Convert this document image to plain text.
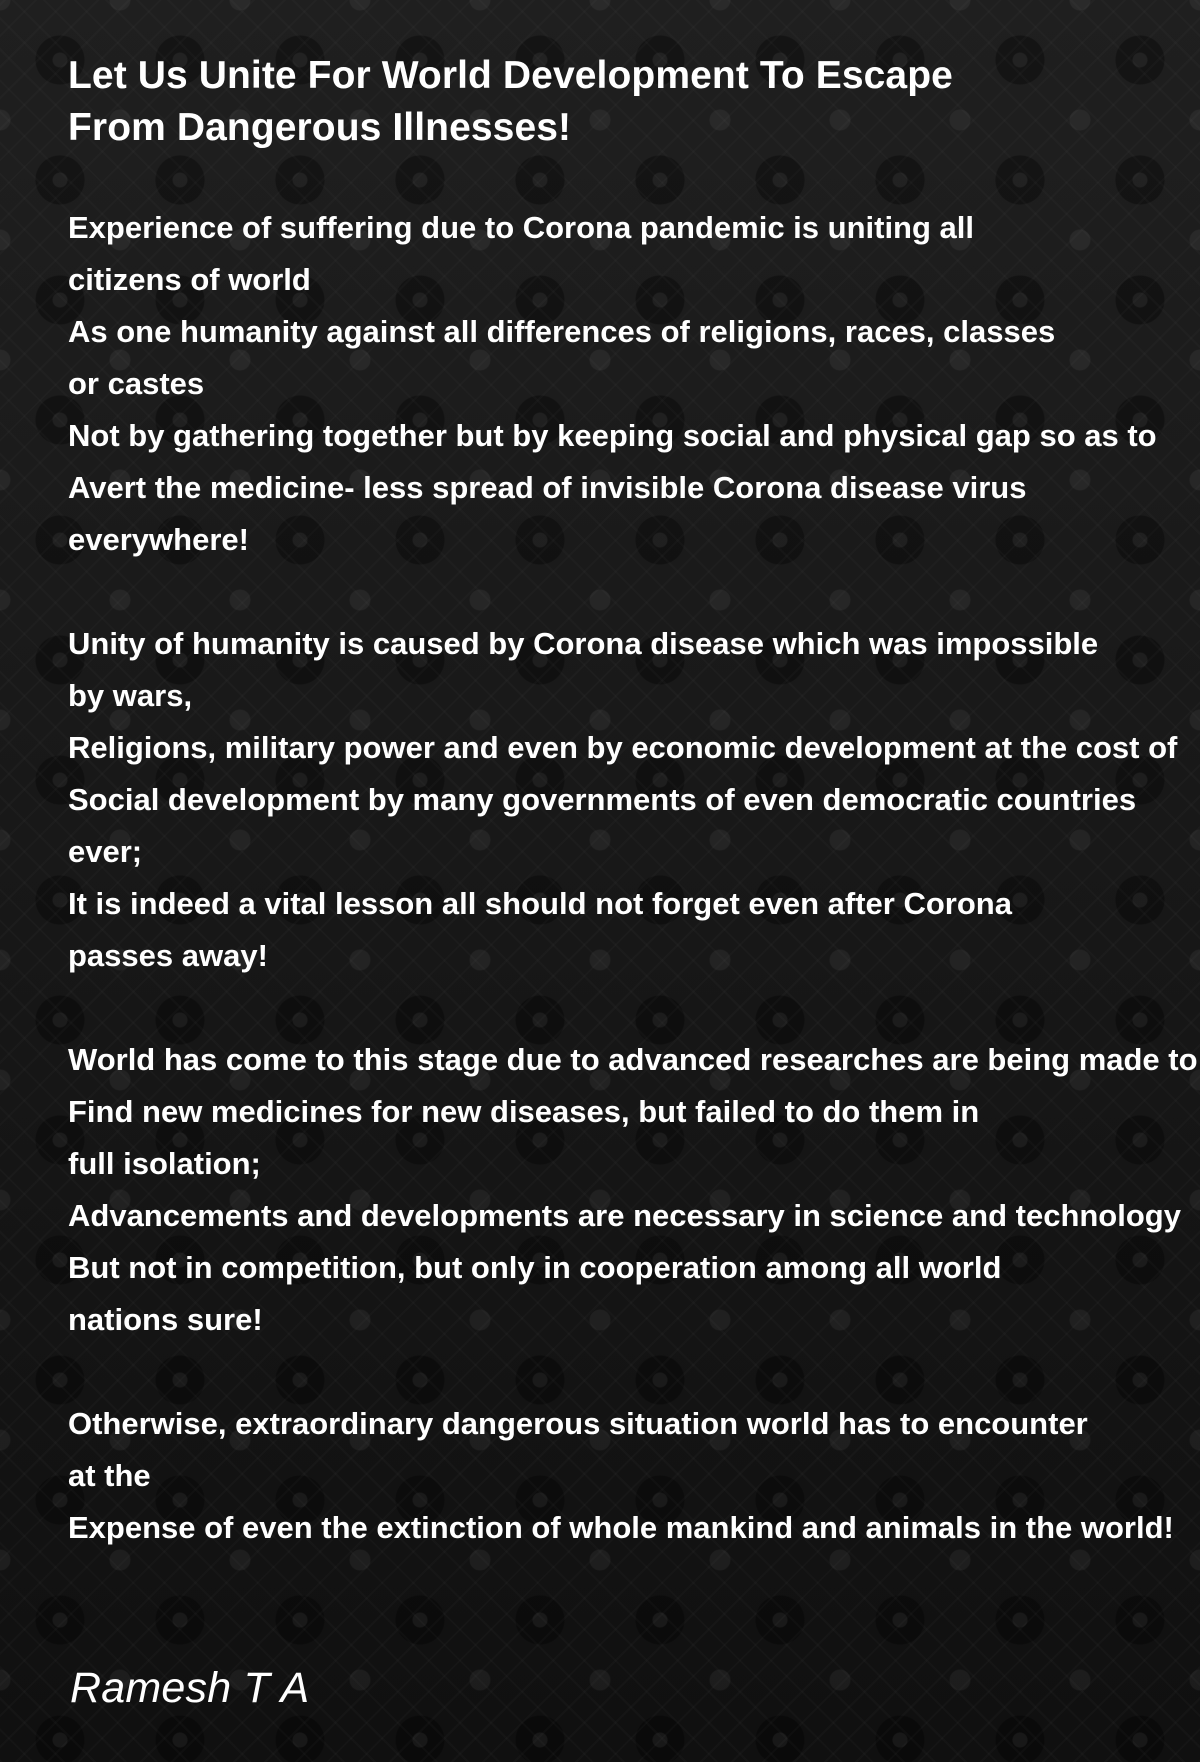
Let Us Unite For World Development To Escape
From Dangerous Illnesses!
Experience of suffering due to Corona pandemic is uniting all
citizens of world
As one humanity against all differences of religions, races, classes
or castes
Not by gathering together but by keeping social and physical gap so as to
Avert the medicine- less spread of invisible Corona disease virus
everywhere!
Unity of humanity is caused by Corona disease which was impossible
by wars,
Religions, military power and even by economic development at the cost of
Social development by many governments of even democratic countries
ever;
It is indeed a vital lesson all should not forget even after Corona
passes away!
World has come to this stage due to advanced researches are being made to
Find new medicines for new diseases, but failed to do them in
full isolation;
Advancements and developments are necessary in science and technology
But not in competition, but only in cooperation among all world
nations sure!
Otherwise, extraordinary dangerous situation world has to encounter
at the
Expense of even the extinction of whole mankind and animals in the world!
Ramesh T A
